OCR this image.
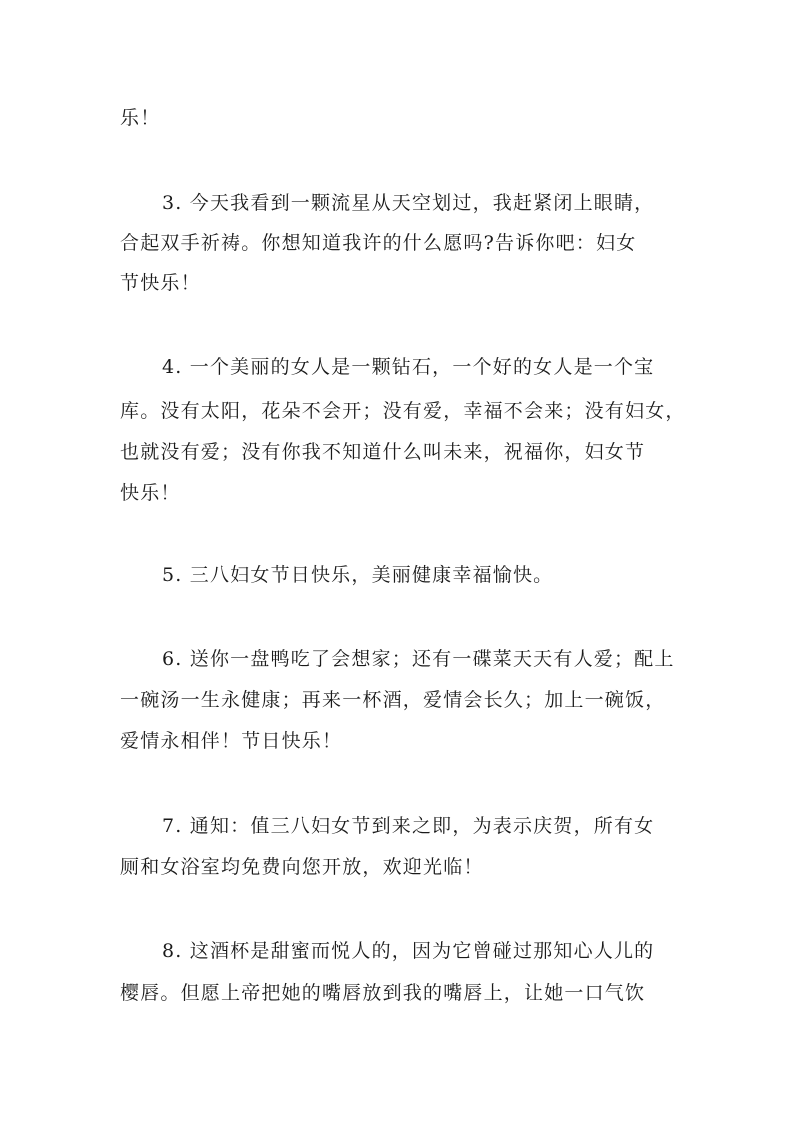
乐！
3. 今天我看到一颗流星从天空划过，我赶紧闭上眼睛，
合起双手祈祷。你想知道我许的什么愿吗?告诉你吧：妇女
节快乐！
4. 一个美丽的女人是一颗钻石，一个好的女人是一个宝
库。没有太阳，花朵不会开；没有爱，幸福不会来；没有妇女，
也就没有爱；没有你我不知道什么叫未来，祝福你，妇女节
快乐！
5. 三八妇女节日快乐，美丽健康幸福愉快。
6. 送你一盘鸭吃了会想家；还有一碟菜天天有人爱；配上
一碗汤一生永健康；再来一杯酒，爱情会长久；加上一碗饭，
爱情永相伴！节日快乐！
7. 通知：值三八妇女节到来之即，为表示庆贺，所有女
厕和女浴室均免费向您开放，欢迎光临！
8. 这酒杯是甜蜜而悦人的，因为它曾碰过那知心人儿的
樱唇。但愿上帝把她的嘴唇放到我的嘴唇上，让她一口气饮
